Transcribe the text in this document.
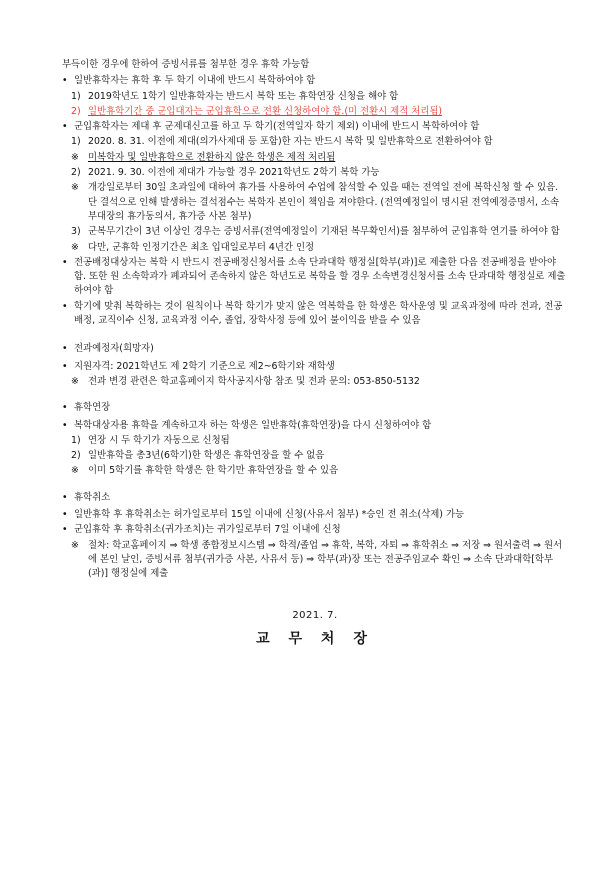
부득이한 경우에 한하여 증빙서류를 첨부한 경우 휴학 가능함
• 일반휴학자는 휴학 후 두 학기 이내에 반드시 복학하여야 함
1) 2019학년도 1학기 일반휴학자는 반드시 복학 또는 휴학연장 신청을 해야 함
2) 일반휴학기간 중 군입대자는 군입휴학으로 전환 신청하여야 함.(미 전환시 제적 처리됨)
• 군입휴학자는 제대 후 군제대신고를 하고 두 학기(전역일자 학기 제외) 이내에 반드시 복학하여야 함
1) 2020. 8. 31. 이전에 제대(의가사제대 등 포함)한 자는 반드시 복학 및 일반휴학으로 전환하여야 함
※ 미복학자 및 일반휴학으로 전환하지 않은 학생은 제적 처리됨
2) 2021. 9. 30. 이전에 제대가 가능할 경우 2021학년도 2학기 복학 가능
※ 개강일로부터 30일 초과일에 대하여 휴가를 사용하여 수업에 참석할 수 있을 때는 전역일 전에 복학신청 할 수 있음. 단 결석으로 인해 발생하는 결석점수는 복학자 본인이 책임을 져야한다. (전역예정일이 명시된 전역예정증명서, 소속 부대장의 휴가동의서, 휴가증 사본 첨부)
3) 군복무기간이 3년 이상인 경우는 증빙서류(전역예정일이 기재된 복무확인서)를 첨부하여 군입휴학 연기를 하여야 함
※ 다만, 군휴학 인정기간은 최초 입대일로부터 4년간 인정
• 전공배정대상자는 복학 시 반드시 전공배정신청서를 소속 단과대학 행정실[학부(과)]로 제출한 다음 전공배정을 받아야 함. 또한 원 소속학과가 폐과되어 존속하지 않은 학년도로 복학을 할 경우 소속변경신청서를 소속 단과대학 행정실로 제출하여야 함
• 학기에 맞춰 복학하는 것이 원칙이나 복학 학기가 맞지 않은 역복학을 한 학생은 학사운영 및 교육과정에 따라 전과, 전공배정, 교직이수 신청, 교육과정 이수, 졸업, 장학사정 등에 있어 불이익을 받을 수 있음
• 전과예정자(희망자)
• 지원자격: 2021학년도 제 2학기 기준으로 제2~6학기와 재학생
※ 전과 변경 관련은 학교홈페이지 학사공지사항 참조 및 전과 문의: 053-850-5132
• 휴학연장
• 복학대상자용 휴학을 계속하고자 하는 학생은 일반휴학(휴학연장)을 다시 신청하여야 함
1) 연장 시 두 학기가 자동으로 신청됨
2) 일반휴학을 총3년(6학기)한 학생은 휴학연장을 할 수 없음
※ 이미 5학기를 휴학한 학생은 한 학기만 휴학연장을 할 수 있음
• 휴학취소
• 일반휴학 후 휴학취소는 허가일로부터 15일 이내에 신청(사유서 첨부) *승인 전 취소(삭제) 가능
• 군입휴학 후 휴학취소(귀가조치)는 귀가일로부터 7일 이내에 신청
※ 절차: 학교홈페이지 ⇒ 학생 종합정보시스템 ⇒ 학적/졸업 ⇒ 휴학, 복학, 자퇴 ⇒ 휴학취소 ⇒ 저장 ⇒ 원서출력 ⇒ 원서에 본인 날인, 증빙서류 첨부(귀가증 사본, 사유서 등) ⇒ 학부(과)장 또는 전공주임교수 확인 ⇒ 소속 단과대학[학부(과)] 행정실에 제출
2021. 7.
교 무 처 장
